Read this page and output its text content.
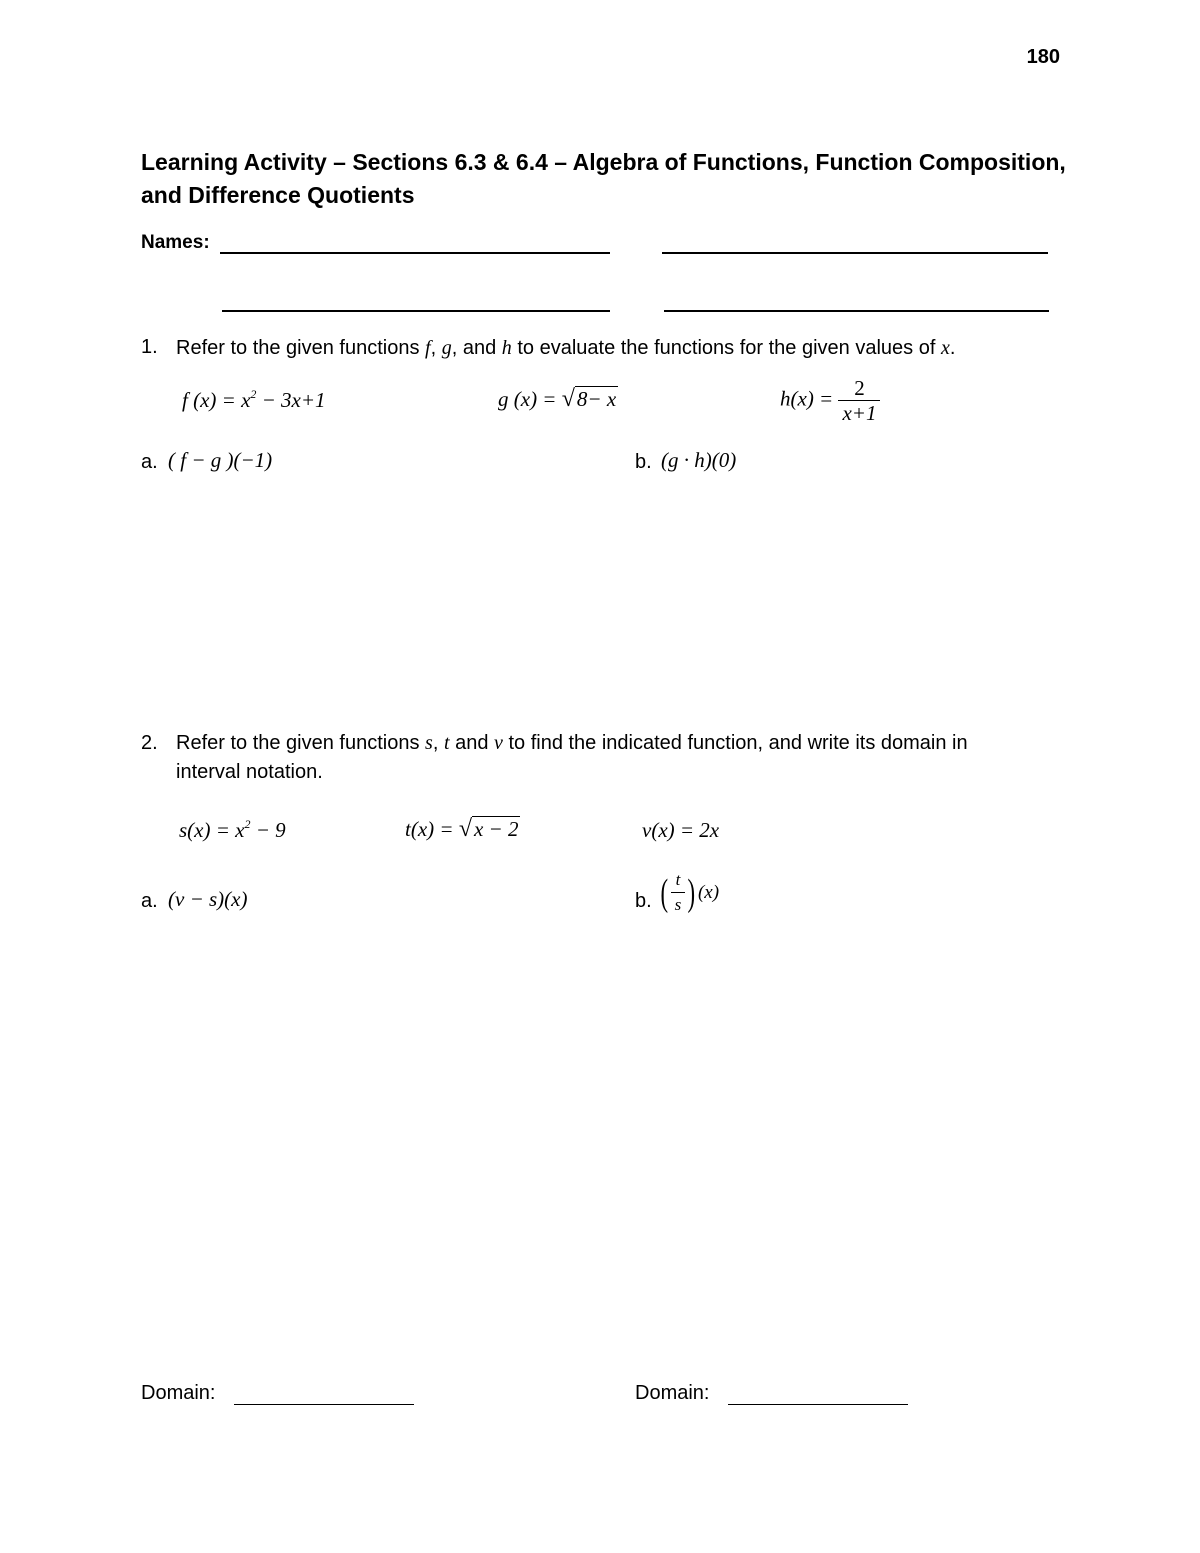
180
Learning Activity – Sections 6.3 & 6.4 – Algebra of Functions, Function Composition, and Difference Quotients
Names:
1. Refer to the given functions f, g, and h to evaluate the functions for the given values of x.
f $(x) = x^2 - 3x+1$	g (x) = √8− x	$h(x) = \frac{2}{x+1}$
a. ( f − g )(−1)	b. (g · h)(0)
2. Refer to the given functions s, t and v to find the indicated function, and write its domain in
interval notation.
$s(x) = x^2 - 9$	t(x) = √x − 2	v(x) = 2x
a. (v − s)(x)	b. ( $\frac{t}{s}$ ) (x)
Domain:	Domain:
